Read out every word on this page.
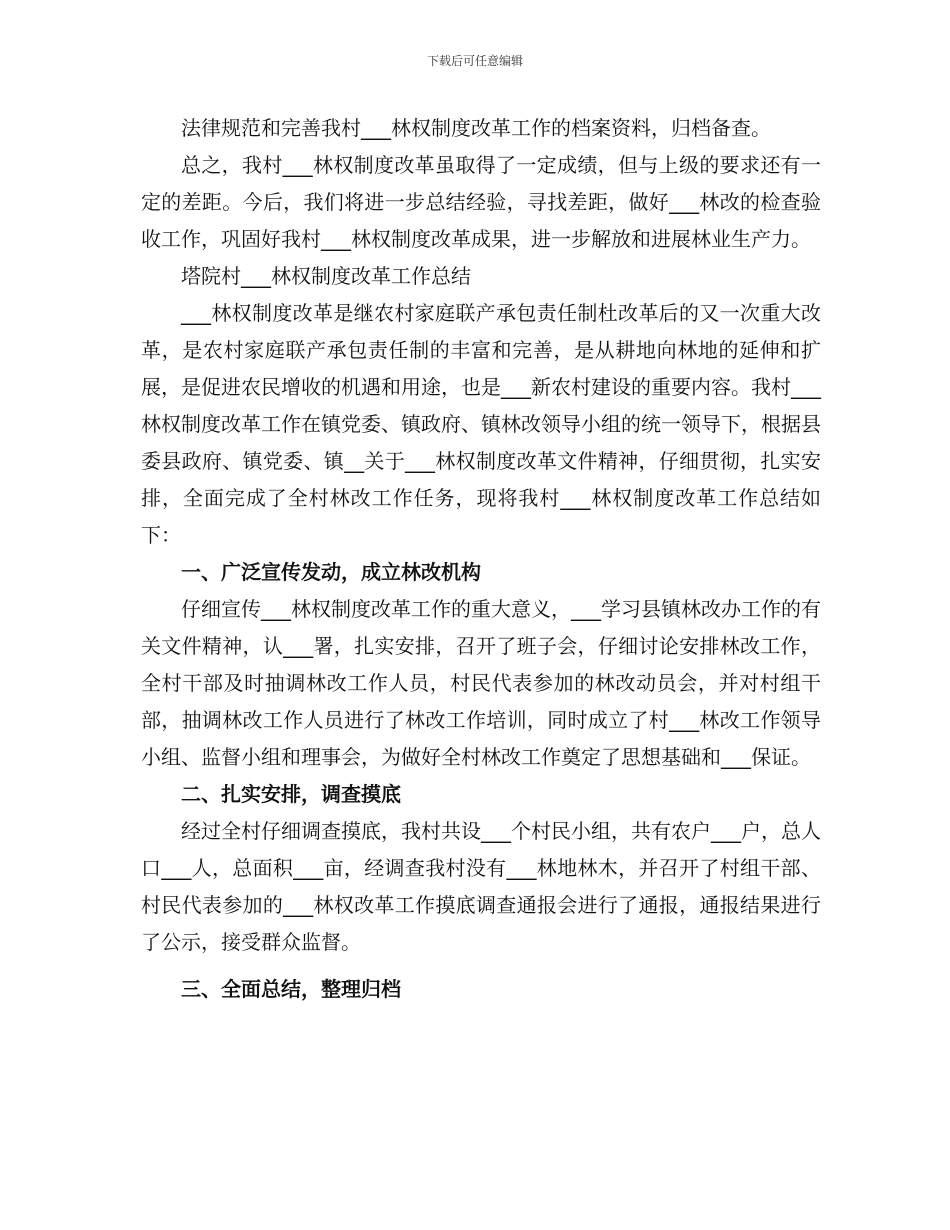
下载后可任意编辑

法律规范和完善我村___林权制度改革工作的档案资料，归档备查。

总之，我村___林权制度改革虽取得了一定成绩，但与上级的要求还有一定的差距。今后，我们将进一步总结经验，寻找差距，做好___林改的检查验收工作，巩固好我村___林权制度改革成果，进一步解放和进展林业生产力。

塔院村___林权制度改革工作总结

___林权制度改革是继农村家庭联产承包责任制杜改革后的又一次重大改革，是农村家庭联产承包责任制的丰富和完善，是从耕地向林地的延伸和扩展，是促进农民增收的机遇和用途，也是___新农村建设的重要内容。我村___林权制度改革工作在镇党委、镇政府、镇林改领导小组的统一领导下，根据县委县政府、镇党委、镇__关于___林权制度改革文件精神，仔细贯彻，扎实安排，全面完成了全村林改工作任务，现将我村___林权制度改革工作总结如下：

一、广泛宣传发动，成立林改机构

仔细宣传___林权制度改革工作的重大意义，___学习县镇林改办工作的有关文件精神，认___署，扎实安排，召开了班子会，仔细讨论安排林改工作，全村干部及时抽调林改工作人员，村民代表参加的林改动员会，并对村组干部，抽调林改工作人员进行了林改工作培训，同时成立了村___林改工作领导小组、监督小组和理事会，为做好全村林改工作奠定了思想基础和___保证。

二、扎实安排，调查摸底

经过全村仔细调查摸底，我村共设___个村民小组，共有农户___户，总人口___人，总面积___亩，经调查我村没有___林地林木，并召开了村组干部、村民代表参加的___林权改革工作摸底调查通报会进行了通报，通报结果进行了公示，接受群众监督。

三、全面总结，整理归档
